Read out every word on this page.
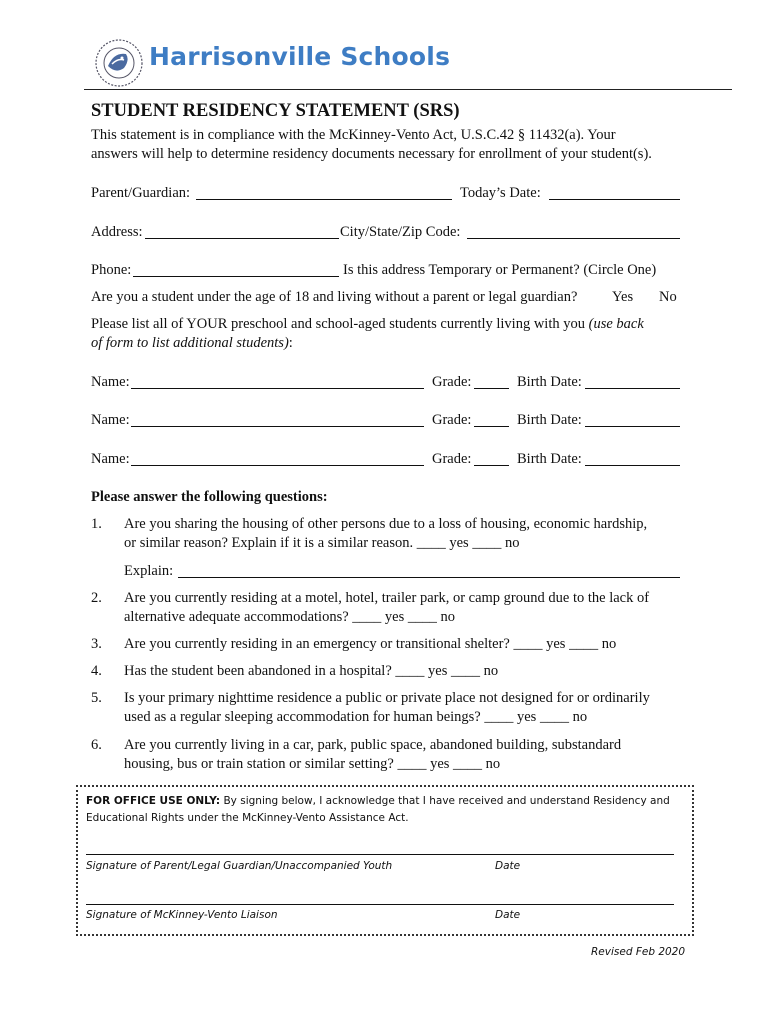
Harrisonville Schools
STUDENT RESIDENCY STATEMENT (SRS)
This statement is in compliance with the McKinney-Vento Act, U.S.C.42 § 11432(a). Your
answers will help to determine residency documents necessary for enrollment of your student(s).
Parent/Guardian:	Today’s Date:
Address:	City/State/Zip Code:
Phone:	Is this address Temporary or Permanent? (Circle One)
Are you a student under the age of 18 and living without a parent or legal guardian? Yes No
Please list all of YOUR preschool and school-aged students currently living with you (use back
of form to list additional students):
Name:	Grade:	Birth Date:
Name:	Grade:	Birth Date:
Name:	Grade:	Birth Date:
Please answer the following questions:
1. Are you sharing the housing of other persons due to a loss of housing, economic hardship,
or similar reason? Explain if it is a similar reason. ____ yes ____ no
Explain:
2. Are you currently residing at a motel, hotel, trailer park, or camp ground due to the lack of
alternative adequate accommodations? ____ yes ____ no
3. Are you currently residing in an emergency or transitional shelter? ____ yes ____ no
4. Has the student been abandoned in a hospital? ____ yes ____ no
5. Is your primary nighttime residence a public or private place not designed for or ordinarily
used as a regular sleeping accommodation for human beings? ____ yes ____ no
6. Are you currently living in a car, park, public space, abandoned building, substandard
housing, bus or train station or similar setting? ____ yes ____ no
FOR OFFICE USE ONLY: By signing below, I acknowledge that I have received and understand Residency and
Educational Rights under the McKinney-Vento Assistance Act.
Signature of Parent/Legal Guardian/Unaccompanied Youth	Date
Signature of McKinney-Vento Liaison	Date
Revised Feb 2020
